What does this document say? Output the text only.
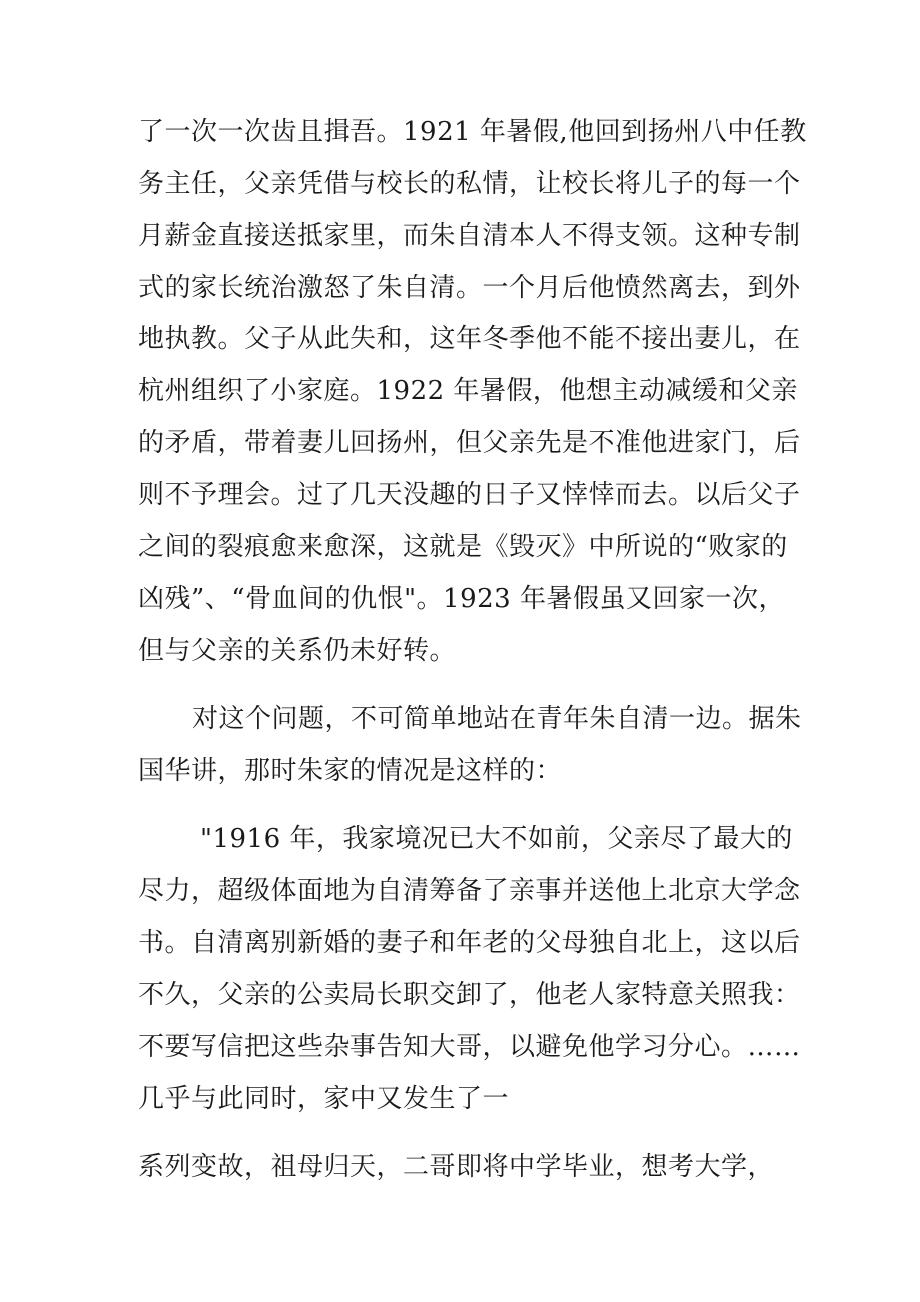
了一次一次齿且揖吾。1921 年暑假,他回到扬州八中任教
务主任，父亲凭借与校长的私情，让校长将儿子的每一个
月薪金直接送抵家里，而朱自清本人不得支领。这种专制
式的家长统治激怒了朱自清。一个月后他愤然离去，到外
地执教。父子从此失和，这年冬季他不能不接出妻儿，在
杭州组织了小家庭。1922 年暑假，他想主动减缓和父亲
的矛盾，带着妻儿回扬州，但父亲先是不准他进家门，后
则不予理会。过了几天没趣的日子又悻悻而去。以后父子
之间的裂痕愈来愈深，这就是《毁灭》中所说的“败家的
凶残”、“骨血间的仇恨"。1923 年暑假虽又回家一次，
但与父亲的关系仍未好转。
对这个问题，不可简单地站在青年朱自清一边。据朱
国华讲，那时朱家的情况是这样的：
"1916 年，我家境况已大不如前，父亲尽了最大的
尽力，超级体面地为自清筹备了亲事并送他上北京大学念
书。自清离别新婚的妻子和年老的父母独自北上，这以后
不久，父亲的公卖局长职交卸了，他老人家特意关照我：
不要写信把这些杂事告知大哥，以避免他学习分心。……
几乎与此同时，家中又发生了一
系列变故，祖母归天，二哥即将中学毕业，想考大学，
